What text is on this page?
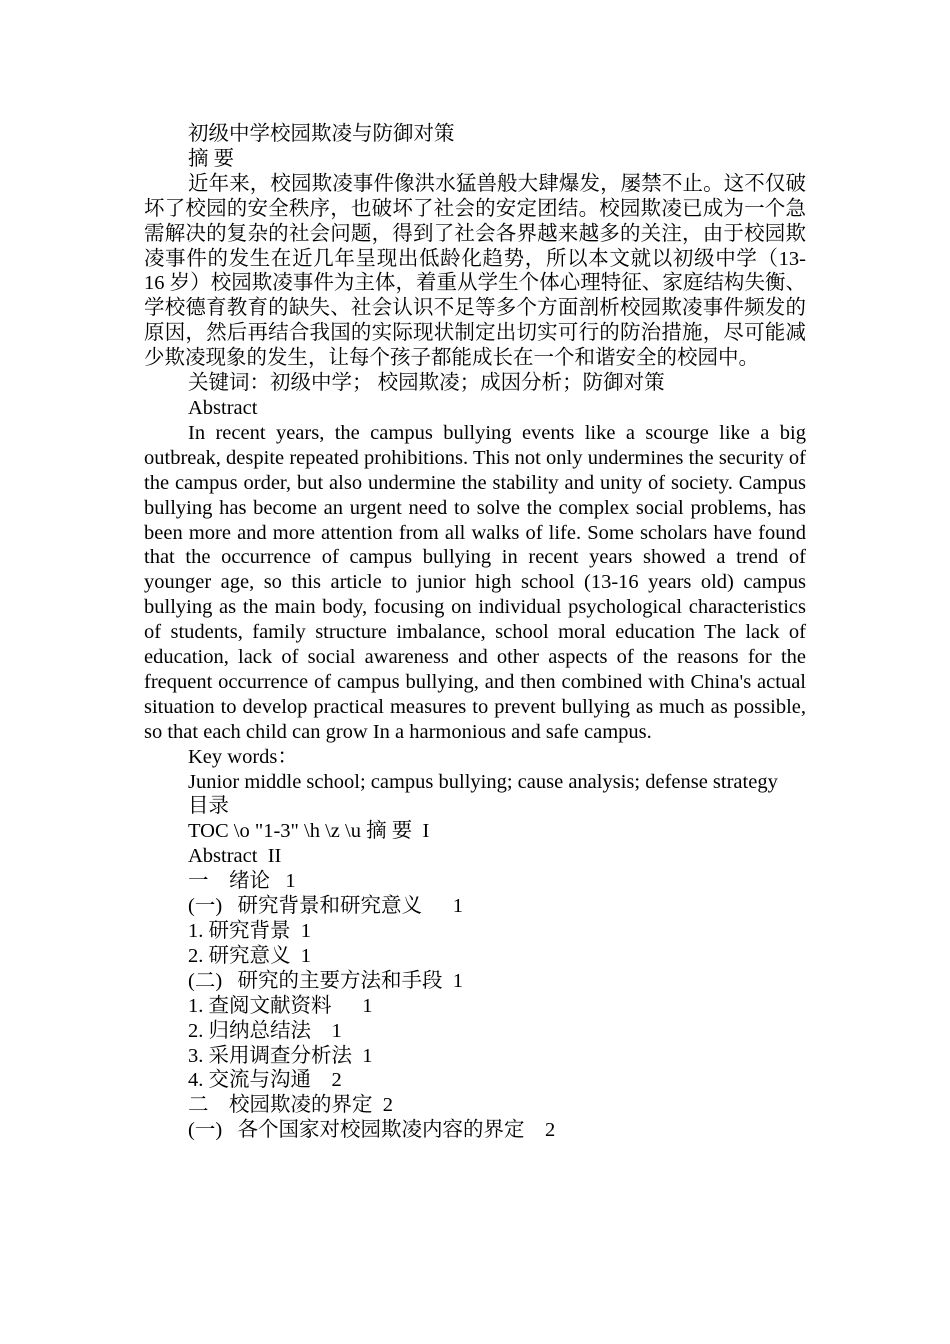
初级中学校园欺凌与防御对策

摘 要

近年来，校园欺凌事件像洪水猛兽般大肆爆发，屡禁不止。这不仅破坏了校园的安全秩序，也破坏了社会的安定团结。校园欺凌已成为一个急需解决的复杂的社会问题，得到了社会各界越来越多的关注，由于校园欺凌事件的发生在近几年呈现出低龄化趋势，所以本文就以初级中学（13-16 岁）校园欺凌事件为主体，着重从学生个体心理特征、家庭结构失衡、学校德育教育的缺失、社会认识不足等多个方面剖析校园欺凌事件频发的原因，然后再结合我国的实际现状制定出切实可行的防治措施，尽可能减少欺凌现象的发生，让每个孩子都能成长在一个和谐安全的校园中。

关键词：初级中学； 校园欺凌；成因分析；防御对策

Abstract

In recent years, the campus bullying events like a scourge like a big outbreak, despite repeated prohibitions. This not only undermines the security of the campus order, but also undermine the stability and unity of society. Campus bullying has become an urgent need to solve the complex social problems, has been more and more attention from all walks of life. Some scholars have found that the occurrence of campus bullying in recent years showed a trend of younger age, so this article to junior high school (13-16 years old) campus bullying as the main body, focusing on individual psychological characteristics of students, family structure imbalance, school moral education The lack of education, lack of social awareness and other aspects of the reasons for the frequent occurrence of campus bullying, and then combined with China's actual situation to develop practical measures to prevent bullying as much as possible, so that each child can grow In a harmonious and safe campus.

Key words：

Junior middle school; campus bullying; cause analysis; defense strategy

目录

TOC \o "1-3" \h \z \u 摘 要  I

Abstract  II

一    绪论   1

(一)   研究背景和研究意义      1

1. 研究背景  1

2. 研究意义  1

(二)   研究的主要方法和手段  1

1. 查阅文献资料      1

2. 归纳总结法    1

3. 采用调查分析法  1

4. 交流与沟通    2

二    校园欺凌的界定  2

(一)   各个国家对校园欺凌内容的界定    2
